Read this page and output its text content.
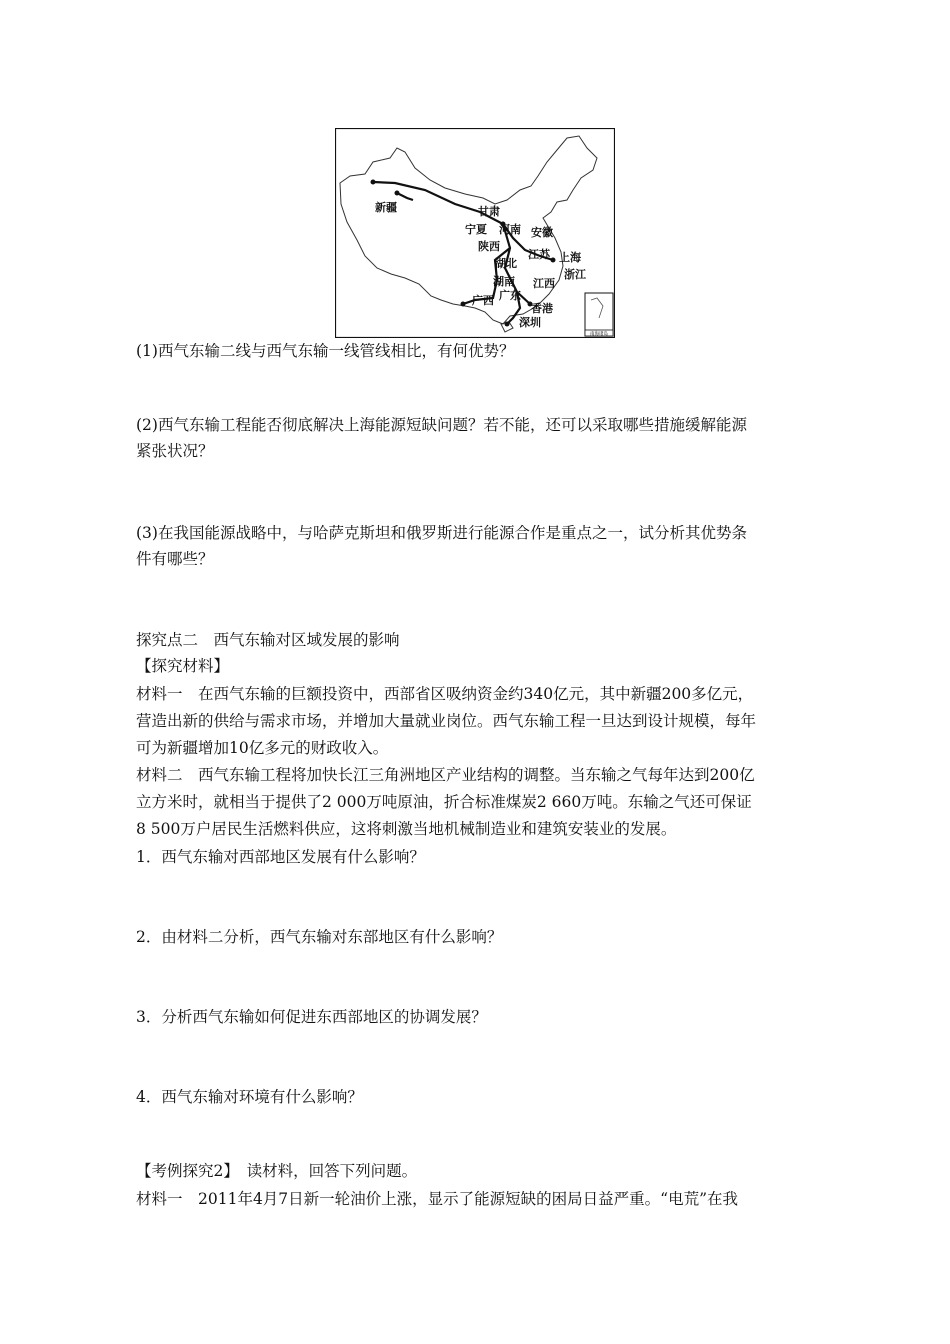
南海诸岛
新疆	甘肃
宁夏 河南 安徽
陕西
江苏 上海
湖北
浙江
湖南 江西
广西 广东
香港
深圳
(1)西气东输二线与西气东输一线管线相比，有何优势？
(2)西气东输工程能否彻底解决上海能源短缺问题？若不能，还可以采取哪些措施缓解能源
紧张状况？
(3)在我国能源战略中，与哈萨克斯坦和俄罗斯进行能源合作是重点之一，试分析其优势条
件有哪些？
探究点二　西气东输对区域发展的影响
【探究材料】
材料一　在西气东输的巨额投资中，西部省区吸纳资金约340亿元，其中新疆200多亿元，
营造出新的供给与需求市场，并增加大量就业岗位。西气东输工程一旦达到设计规模，每年
可为新疆增加10亿多元的财政收入。
材料二　西气东输工程将加快长江三角洲地区产业结构的调整。当东输之气每年达到200亿
立方米时，就相当于提供了2 000万吨原油，折合标准煤炭2 660万吨。东输之气还可保证
8 500万户居民生活燃料供应，这将刺激当地机械制造业和建筑安装业的发展。
1．西气东输对西部地区发展有什么影响？
2．由材料二分析，西气东输对东部地区有什么影响？
3．分析西气东输如何促进东西部地区的协调发展？
4．西气东输对环境有什么影响？
【考例探究2】　读材料，回答下列问题。
材料一　2011年4月7日新一轮油价上涨，显示了能源短缺的困局日益严重。“电荒”在我
